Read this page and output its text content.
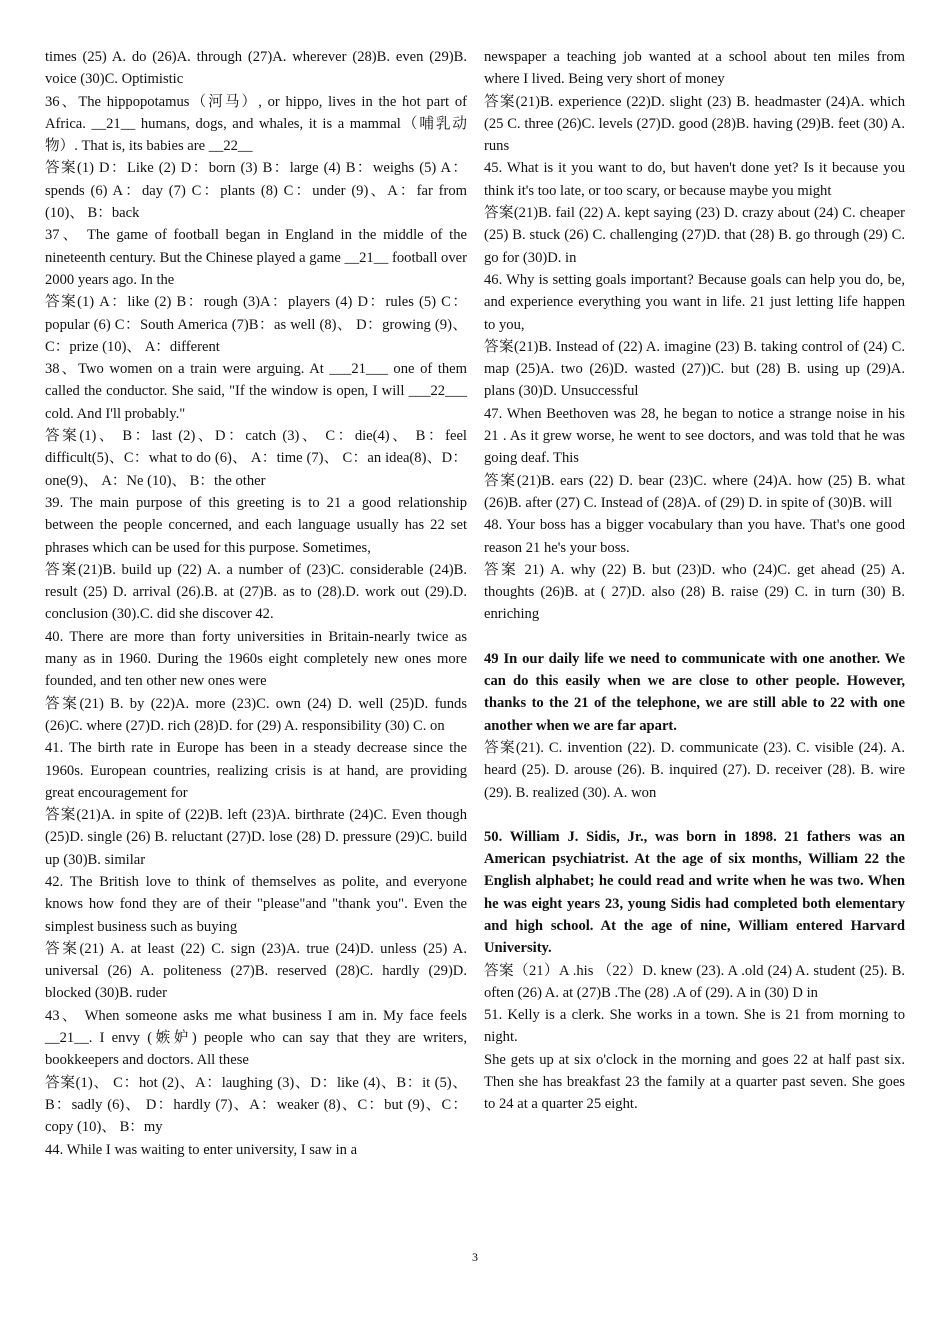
times (25) A. do (26)A. through (27)A. wherever (28)B. even (29)B. voice (30)C. Optimistic

36、The hippopotamus（河马）, or hippo, lives in the hot part of Africa. __21__ humans, dogs, and whales, it is a mammal（哺乳动物）. That is, its babies are __22__

答案(1) D：Like (2) D：born (3) B：large (4) B：weighs (5) A：spends (6) A：day (7) C：plants (8) C：under (9)、A：far from (10)、 B：back

37、 The game of football began in England in the middle of the nineteenth century. But the Chinese played a game __21__ football over 2000 years ago. In the

答案(1) A：like (2) B：rough (3)A：players (4) D：rules (5) C：popular (6) C：South America (7)B：as well (8)、 D：growing (9)、C：prize (10)、 A：different

38、Two women on a train were arguing. At ___21___ one of them called the conductor. She said, "If the window is open, I will ___22___ cold. And I'll probably."

答案(1)、 B：last (2)、D：catch (3)、 C：die(4)、 B：feel difficult(5)、C：what to do (6)、 A：time (7)、 C：an idea(8)、D：one(9)、 A：Ne (10)、 B：the other

39. The main purpose of this greeting is to 21 a good relationship between the people concerned, and each language usually has 22 set phrases which can be used for this purpose. Sometimes,

答案(21)B. build up (22) A. a number of (23)C. considerable (24)B. result (25) D. arrival (26).B. at (27)B. as to (28).D. work out (29).D. conclusion (30).C. did she discover 42.

40. There are more than forty universities in Britain-nearly twice as many as in 1960. During the 1960s eight completely new ones more founded, and ten other new ones were

答案(21) B. by (22)A. more (23)C. own (24) D. well (25)D. funds (26)C. where (27)D. rich (28)D. for (29) A. responsibility (30) C. on

41. The birth rate in Europe has been in a steady decrease since the 1960s. European countries, realizing crisis is at hand, are providing great encouragement for

答案(21)A. in spite of (22)B. left (23)A. birthrate (24)C. Even though (25)D. single (26) B. reluctant (27)D. lose (28) D. pressure (29)C. build up (30)B. similar

42. The British love to think of themselves as polite, and everyone knows how fond they are of their "please"and "thank you". Even the simplest business such as buying

答案(21) A. at least (22) C. sign (23)A. true (24)D. unless (25) A. universal (26) A. politeness (27)B. reserved (28)C. hardly (29)D. blocked (30)B. ruder

43、 When someone asks me what business I am in. My face feels __21__. I envy (嫉妒) people who can say that they are writers, bookkeepers and doctors. All these

答案(1)、 C：hot (2)、A：laughing (3)、D：like (4)、B：it (5)、B：sadly (6)、 D：hardly (7)、A：weaker (8)、C：but (9)、C：copy (10)、 B：my

44. While I was waiting to enter university, I saw in a

newspaper a teaching job wanted at a school about ten miles from where I lived. Being very short of money

答案(21)B. experience (22)D. slight (23) B. headmaster (24)A. which (25 C. three (26)C. levels (27)D. good (28)B. having (29)B. feet (30) A. runs

45. What is it you want to do, but haven't done yet? Is it because you think it's too late, or too scary, or because maybe you might

答案(21)B. fail (22) A. kept saying (23) D. crazy about (24) C. cheaper (25) B. stuck (26) C. challenging (27)D. that (28) B. go through (29) C. go for (30)D. in

46. Why is setting goals important? Because goals can help you do, be, and experience everything you want in life. 21 just letting life happen to you,

答案(21)B. Instead of (22) A. imagine (23) B. taking control of (24) C. map (25)A. two (26)D. wasted (27))C. but (28) B. using up (29)A. plans (30)D. Unsuccessful

47. When Beethoven was 28, he began to notice a strange noise in his 21 . As it grew worse, he went to see doctors, and was told that he was going deaf. This

答案(21)B. ears (22) D. bear (23)C. where (24)A. how (25) B. what (26)B. after (27) C. Instead of (28)A. of (29) D. in spite of (30)B. will

48. Your boss has a bigger vocabulary than you have. That's one good reason 21 he's your boss.

答案 21) A. why (22) B. but (23)D. who (24)C. get ahead (25) A. thoughts (26)B. at ( 27)D. also (28) B. raise (29) C. in turn (30) B. enriching

49 In our daily life we need to communicate with one another. We can do this easily when we are close to other people. However, thanks to the 21 of the telephone, we are still able to 22 with one another when we are far apart.

答案(21). C. invention (22). D. communicate (23). C. visible (24). A. heard (25). D. arouse (26). B. inquired (27). D. receiver (28). B. wire (29). B. realized (30). A. won

50. William J. Sidis, Jr., was born in 1898. 21 fathers was an American psychiatrist. At the age of six months, William 22 the English alphabet; he could read and write when he was two. When he was eight years 23, young Sidis had completed both elementary and high school. At the age of nine, William entered Harvard University.

答案（21）A .his （22）D. knew (23). A .old (24) A. student (25). B. often (26) A. at (27)B .The (28) .A of (29). A in (30) D in

51. Kelly is a clerk. She works in a town. She is 21 from morning to night.

She gets up at six o'clock in the morning and goes 22 at half past six. Then she has breakfast 23 the family at a quarter past seven. She goes to 24 at a quarter 25 eight.

3
